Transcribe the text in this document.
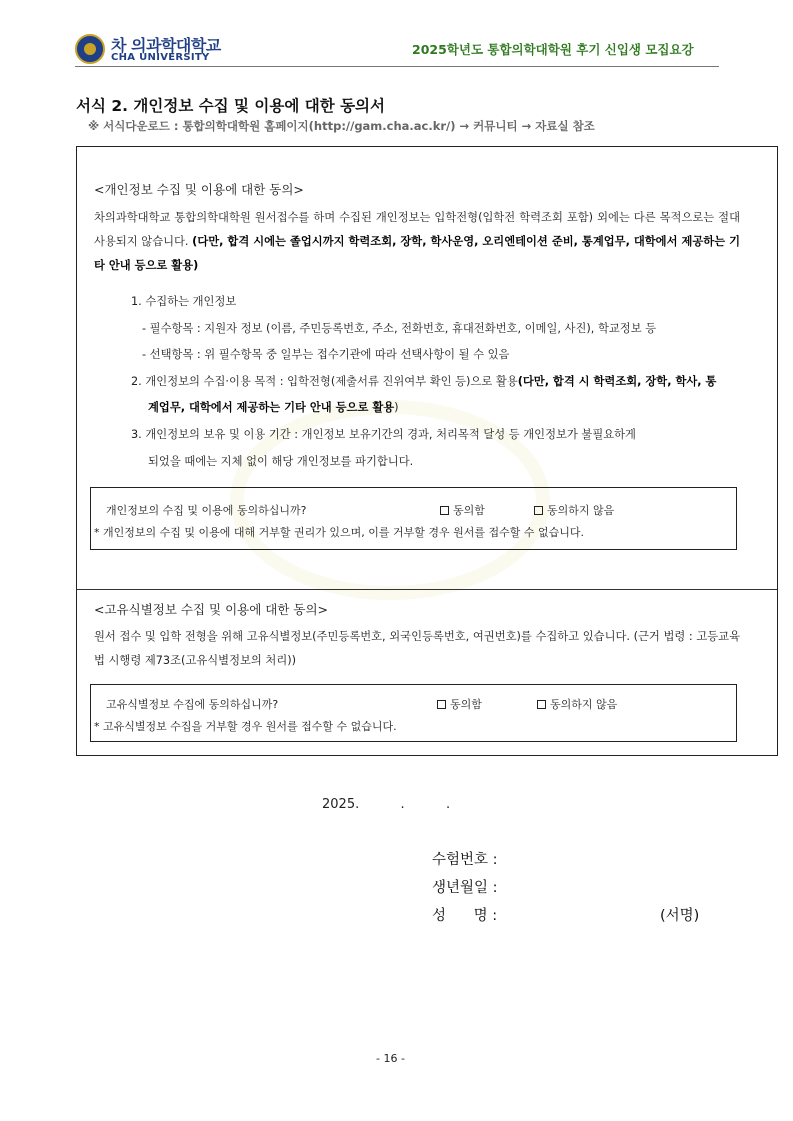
차 의과학대학교
CHA UNIVERSITY
2025학년도 통합의학대학원 후기 신입생 모집요강
서식 2. 개인정보 수집 및 이용에 대한 동의서
※ 서식다운로드 : 통합의학대학원 홈페이지(http://gam.cha.ac.kr/) → 커뮤니티 → 자료실 참조
<개인정보 수집 및 이용에 대한 동의>
차의과학대학교 통합의학대학원 원서접수를 하며 수집된 개인정보는 입학전형(입학전 학력조회 포함) 외에는 다른 목적으로는 절대 사용되지 않습니다. (다만, 합격 시에는 졸업시까지 학력조회, 장학, 학사운영, 오리엔테이션 준비, 통계업무, 대학에서 제공하는 기타 안내 등으로 활용)
1. 수집하는 개인정보
- 필수항목 : 지원자 정보 (이름, 주민등록번호, 주소, 전화번호, 휴대전화번호, 이메일, 사진), 학교정보 등
- 선택항목 : 위 필수항목 중 일부는 접수기관에 따라 선택사항이 될 수 있음
2. 개인정보의 수집·이용 목적 : 입학전형(제출서류 진위여부 확인 등)으로 활용(다만, 합격 시 학력조회, 장학, 학사, 통
계업무, 대학에서 제공하는 기타 안내 등으로 활용)
3. 개인정보의 보유 및 이용 기간 : 개인정보 보유기간의 경과, 처리목적 달성 등 개인정보가 불필요하게
되었을 때에는 지체 없이 해당 개인정보를 파기합니다.
개인정보의 수집 및 이용에 동의하십니까?	동의함	동의하지 않음
* 개인정보의 수집 및 이용에 대해 거부할 권리가 있으며, 이를 거부할 경우 원서를 접수할 수 없습니다.
<고유식별정보 수집 및 이용에 대한 동의>
원서 접수 및 입학 전형을 위해 고유식별정보(주민등록번호, 외국인등록번호, 여권번호)를 수집하고 있습니다. (근거 법령 : 고등교육법 시행령 제73조(고유식별정보의 처리))
고유식별정보 수집에 동의하십니까?	동의함	동의하지 않음
* 고유식별정보 수집을 거부할 경우 원서를 접수할 수 없습니다.
2025.          .          .
수험번호 :
생년월일 :
성      명 :	(서명)
- 16 -
